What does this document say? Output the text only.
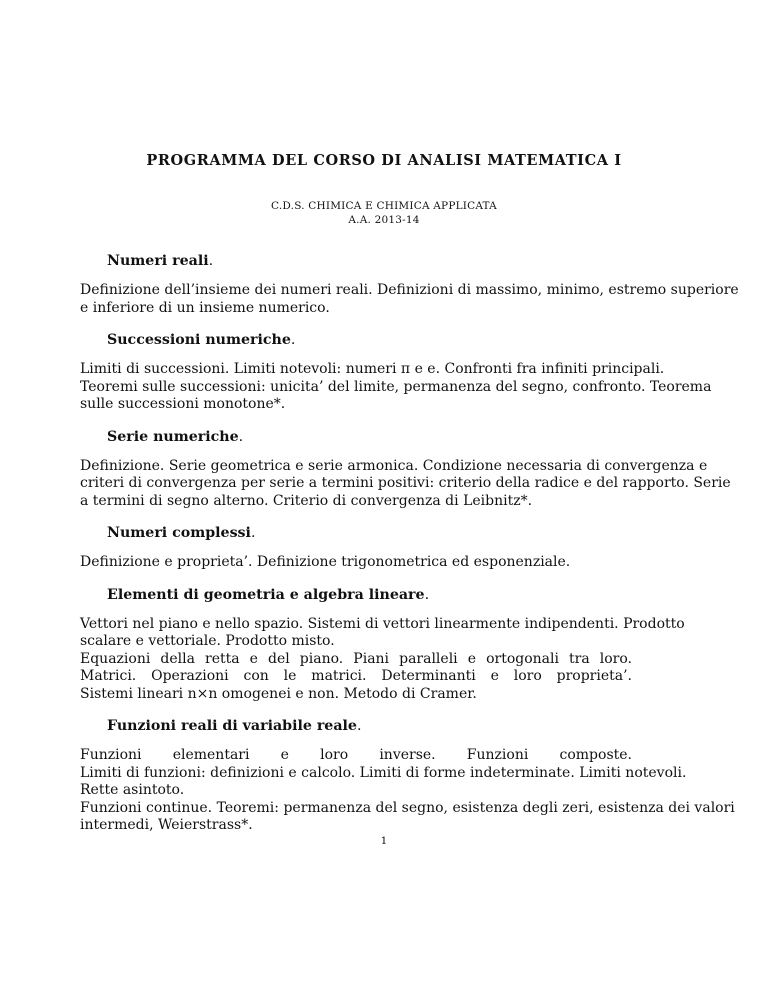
PROGRAMMA DEL CORSO DI ANALISI MATEMATICA I
C.D.S. CHIMICA E CHIMICA APPLICATA
A.A. 2013-14
Numeri reali.
Definizione dell’insieme dei numeri reali. Definizioni di massimo, minimo, estremo superiore
e inferiore di un insieme numerico.
Successioni numeriche.
Limiti di successioni. Limiti notevoli: numeri π e e. Confronti fra infiniti principali.
Teoremi sulle successioni: unicita’ del limite, permanenza del segno, confronto. Teorema
sulle successioni monotone*.
Serie numeriche.
Definizione. Serie geometrica e serie armonica. Condizione necessaria di convergenza e
criteri di convergenza per serie a termini positivi: criterio della radice e del rapporto. Serie
a termini di segno alterno. Criterio di convergenza di Leibnitz*.
Numeri complessi.
Definizione e proprieta’. Definizione trigonometrica ed esponenziale.
Elementi di geometria e algebra lineare.
Vettori nel piano e nello spazio. Sistemi di vettori linearmente indipendenti. Prodotto
scalare e vettoriale. Prodotto misto.
Equazioni della retta e del piano. Piani paralleli e ortogonali tra loro.
Matrici. Operazioni con le matrici. Determinanti e loro proprieta’.
Sistemi lineari n×n omogenei e non. Metodo di Cramer.
Funzioni reali di variabile reale.
Funzioni elementari e loro inverse. Funzioni composte.
Limiti di funzioni: definizioni e calcolo. Limiti di forme indeterminate. Limiti notevoli.
Rette asintoto.
Funzioni continue. Teoremi: permanenza del segno, esistenza degli zeri, esistenza dei valori
intermedi, Weierstrass*.
1
